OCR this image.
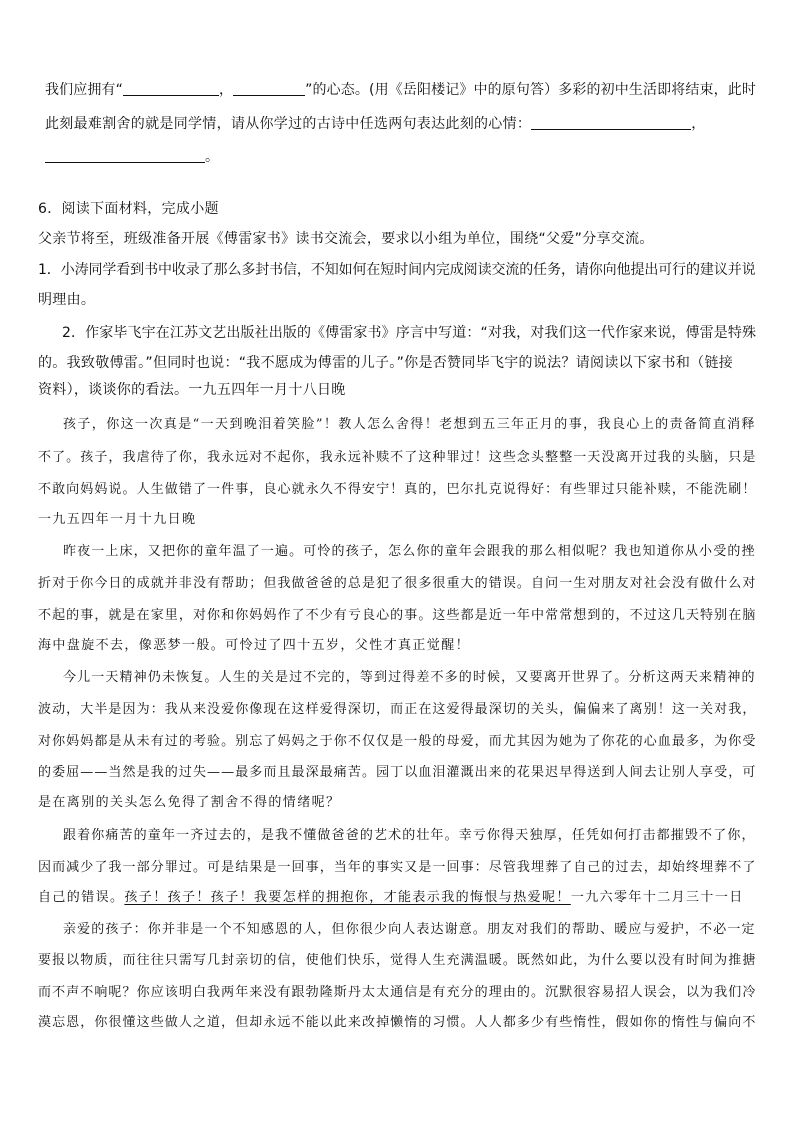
我们应拥有“	，	”的心态。(用《岳阳楼记》中的原句答）多彩的初中生活即将结束，此时
此刻最难割舍的就是同学情，请从你学过的古诗中任选两句表达此刻的心情：	，
。
6．阅读下面材料，完成小题
父亲节将至，班级准备开展《傅雷家书》读书交流会，要求以小组为单位，围绕“父爱”分享交流。
1．小涛同学看到书中收录了那么多封书信，不知如何在短时间内完成阅读交流的任务，请你向他提出可行的建议并说
明理由。
2．作家毕飞宇在江苏文艺出版社出版的《傅雷家书》序言中写道：“对我，对我们这一代作家来说，傅雷是特殊
的。我致敬傅雷。”但同时也说：“我不愿成为傅雷的儿子。”你是否赞同毕飞宇的说法？请阅读以下家书和（链接
资料），谈谈你的看法。一九五四年一月十八日晚
孩子，你这一次真是“一天到晚泪着笑脸”！教人怎么舍得！老想到五三年正月的事，我良心上的责备简直消释
不了。孩子，我虐待了你，我永远对不起你，我永远补赎不了这种罪过！这些念头整整一天没离开过我的头脑，只是
不敢向妈妈说。人生做错了一件事，良心就永久不得安宁！真的，巴尔扎克说得好：有些罪过只能补赎，不能洗刷！
一九五四年一月十九日晚
昨夜一上床，又把你的童年温了一遍。可怜的孩子，怎么你的童年会跟我的那么相似呢？我也知道你从小受的挫
折对于你今日的成就并非没有帮助；但我做爸爸的总是犯了很多很重大的错误。自问一生对朋友对社会没有做什么对
不起的事，就是在家里，对你和你妈妈作了不少有亏良心的事。这些都是近一年中常常想到的，不过这几天特别在脑
海中盘旋不去，像恶梦一般。可怜过了四十五岁，父性才真正觉醒！
今儿一天精神仍未恢复。人生的关是过不完的，等到过得差不多的时候，又要离开世界了。分析这两天来精神的
波动，大半是因为：我从来没爱你像现在这样爱得深切，而正在这爱得最深切的关头，偏偏来了离别！这一关对我，
对你妈妈都是从未有过的考验。别忘了妈妈之于你不仅仅是一般的母爱，而尤其因为她为了你花的心血最多，为你受
的委屈——当然是我的过失——最多而且最深最痛苦。园丁以血泪灌溉出来的花果迟早得送到人间去让别人享受，可
是在离别的关头怎么免得了割舍不得的情绪呢？
跟着你痛苦的童年一齐过去的，是我不懂做爸爸的艺术的壮年。幸亏你得天独厚，任凭如何打击都摧毁不了你，
因而减少了我一部分罪过。可是结果是一回事，当年的事实又是一回事：尽管我埋葬了自己的过去，却始终埋葬不了
自己的错误。孩子！孩子！孩子！我要怎样的拥抱你，才能表示我的悔恨与热爱呢！一九六零年十二月三十一日
亲爱的孩子：你并非是一个不知感恩的人，但你很少向人表达谢意。朋友对我们的帮助、暖应与爱护，不必一定
要报以物质，而往往只需写几封亲切的信，使他们快乐，觉得人生充满温暖。既然如此，为什么要以没有时间为推搪
而不声不响呢？你应该明白我两年来没有跟勃隆斯丹太太通信是有充分的理由的。沉默很容易招人误会，以为我们冷
漠忘恩，你很懂这些做人之道，但却永远不能以此来改掉懒惰的习惯。人人都多少有些惰性，假如你的惰性与偏向不
